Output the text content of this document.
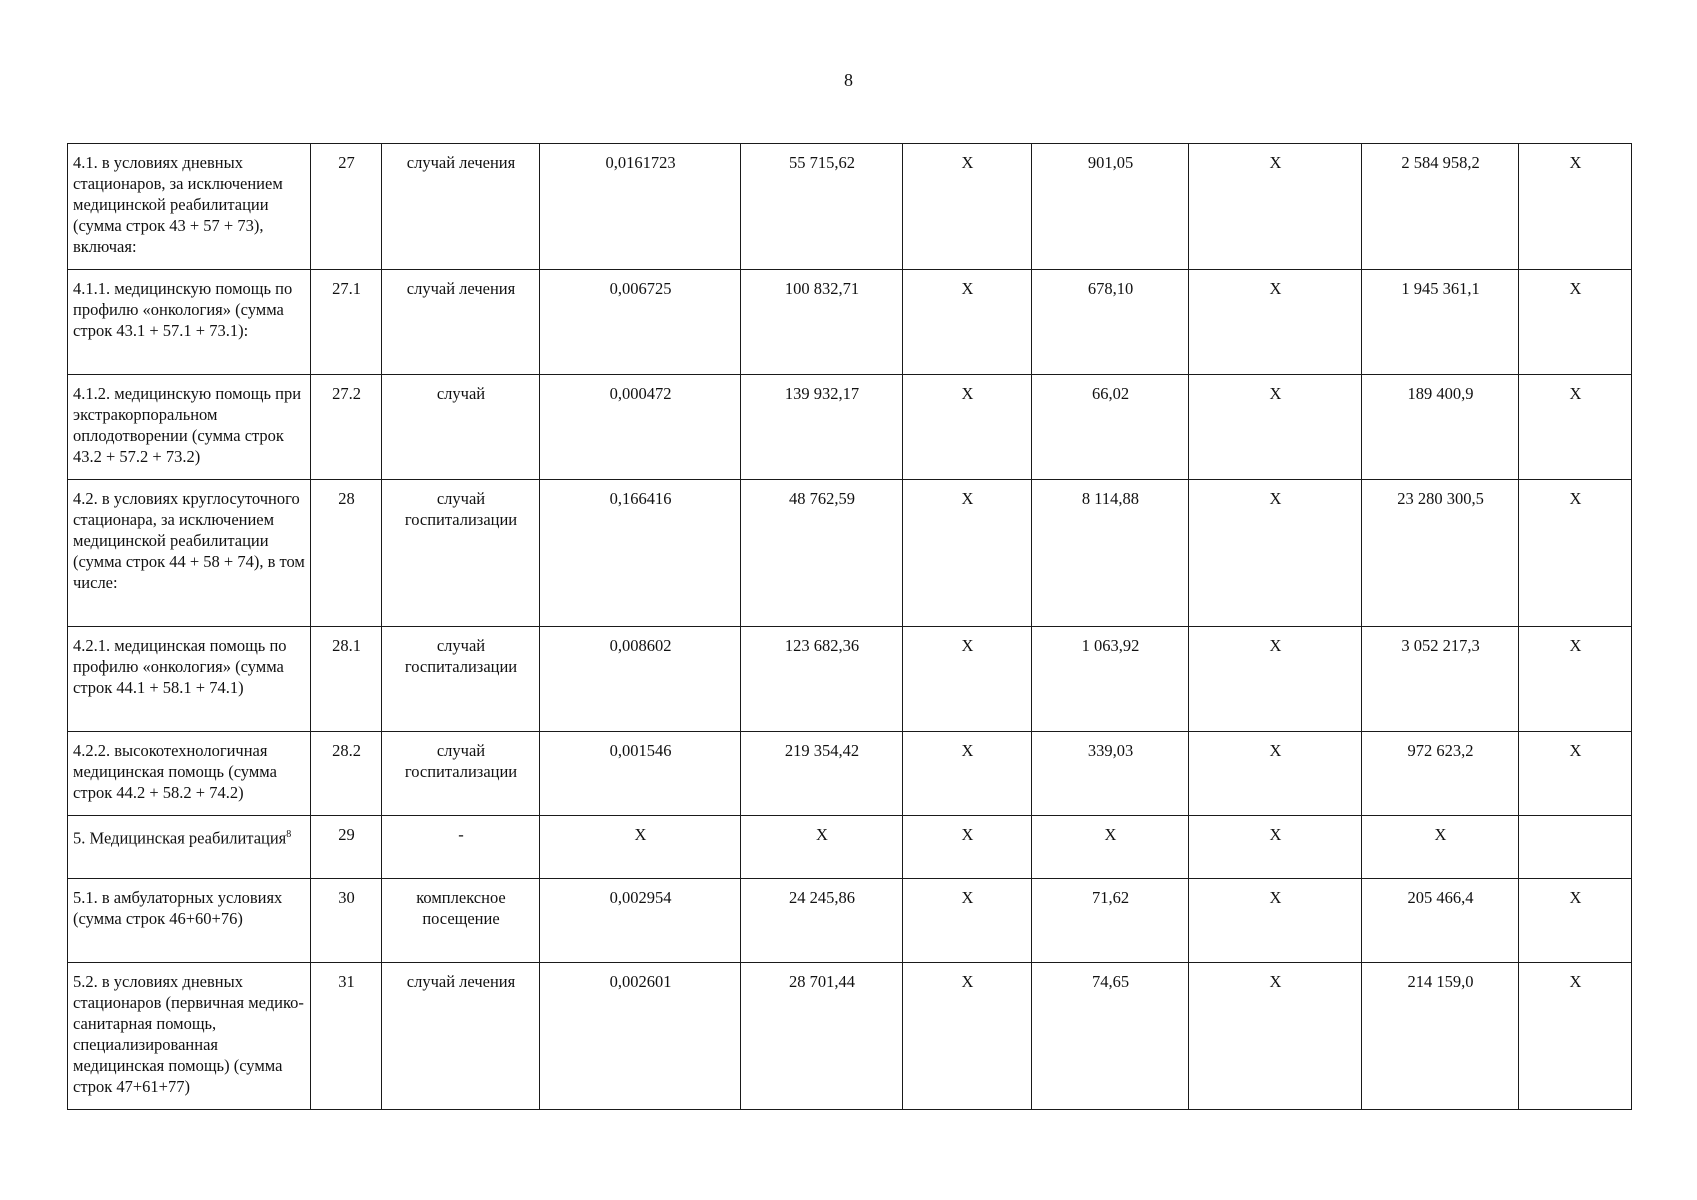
8
4.1. в условиях дневных стационаров, за исключением медицинской реабилитации (сумма строк 43 + 57 + 73), включая:	27	случай лечения	0,0161723	55 715,62	Х	901,05	Х	2 584 958,2	Х
4.1.1. медицинскую помощь по профилю «онкология» (сумма строк 43.1 + 57.1 + 73.1):	27.1	случай лечения	0,006725	100 832,71	Х	678,10	Х	1 945 361,1	Х
4.1.2. медицинскую помощь при экстракорпоральном оплодотворении (сумма строк 43.2 + 57.2 + 73.2)	27.2	случай	0,000472	139 932,17	Х	66,02	Х	189 400,9	Х
4.2. в условиях круглосуточного стационара, за исключением медицинской реабилитации (сумма строк 44 + 58 + 74), в том числе:	28	случай госпитализации	0,166416	48 762,59	Х	8 114,88	Х	23 280 300,5	Х
4.2.1. медицинская помощь по профилю «онкология» (сумма строк 44.1 + 58.1 + 74.1)	28.1	случай госпитализации	0,008602	123 682,36	Х	1 063,92	Х	3 052 217,3	Х
4.2.2. высокотехнологичная медицинская помощь (сумма строк 44.2 + 58.2 + 74.2)	28.2	случай госпитализации	0,001546	219 354,42	Х	339,03	Х	972 623,2	Х
5. Медицинская реабилитация$^8$	29	-	Х	Х	Х	Х	Х	Х	
5.1. в амбулаторных условиях (сумма строк 46+60+76)	30	комплексное посещение	0,002954	24 245,86	Х	71,62	Х	205 466,4	Х
5.2. в условиях дневных стационаров (первичная медико-санитарная помощь, специализированная медицинская помощь) (сумма строк 47+61+77)	31	случай лечения	0,002601	28 701,44	Х	74,65	Х	214 159,0	Х
